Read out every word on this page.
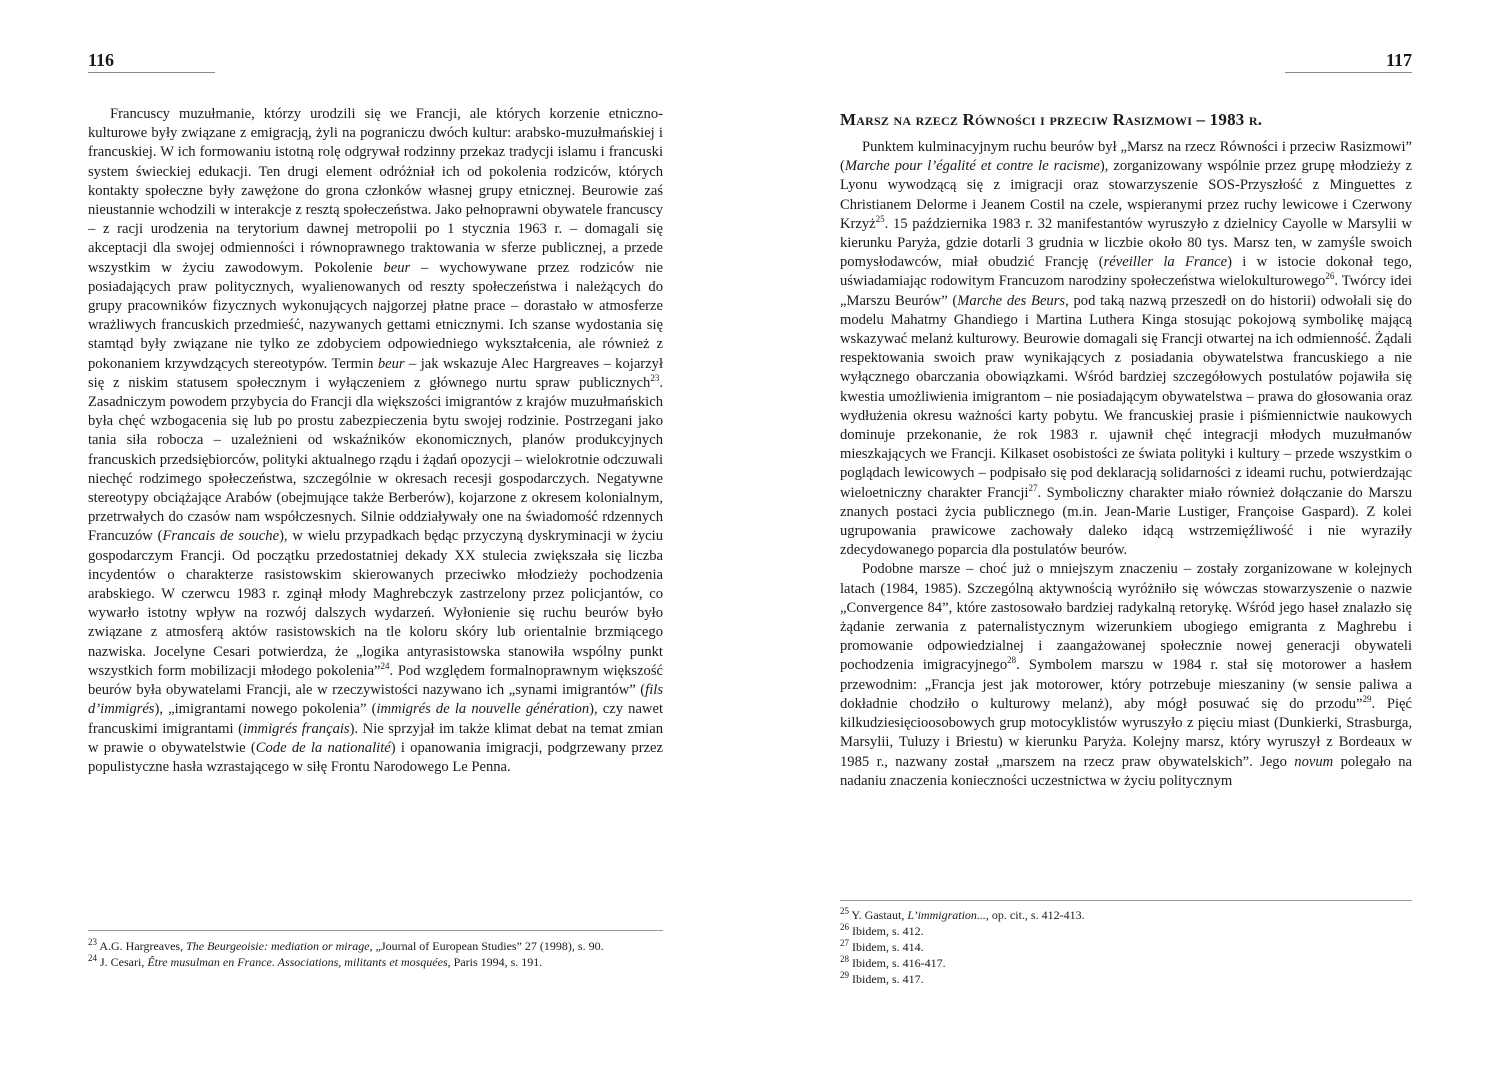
116

Francuscy muzułmanie, którzy urodzili się we Francji, ale których korzenie etniczno-kulturowe były związane z emigracją, żyli na pograniczu dwóch kultur: arabsko-muzułmańskiej i francuskiej. W ich formowaniu istotną rolę odgrywał rodzinny przekaz tradycji islamu i francuski system świeckiej edukacji. Ten drugi element odróżniał ich od pokolenia rodziców, których kontakty społeczne były zawężone do grona członków własnej grupy etnicznej. Beurowie zaś nieustannie wchodzili w interakcje z resztą społeczeństwa. Jako pełnoprawni obywatele francuscy – z racji urodzenia na terytorium dawnej metropolii po 1 stycznia 1963 r. – domagali się akceptacji dla swojej odmienności i równoprawnego traktowania w sferze publicznej, a przede wszystkim w życiu zawodowym. Pokolenie beur – wychowywane przez rodziców nie posiadających praw politycznych, wyalienowanych od reszty społeczeństwa i należących do grupy pracowników fizycznych wykonujących najgorzej płatne prace – dorastało w atmosferze wrażliwych francuskich przedmieść, nazywanych gettami etnicznymi. Ich szanse wydostania się stamtąd były związane nie tylko ze zdobyciem odpowiedniego wykształcenia, ale również z pokonaniem krzywdzących stereotypów. Termin beur – jak wskazuje Alec Hargreaves – kojarzył się z niskim statusem społecznym i wyłączeniem z głównego nurtu spraw publicznych$^{23}$. Zasadniczym powodem przybycia do Francji dla większości imigrantów z krajów muzułmańskich była chęć wzbogacenia się lub po prostu zabezpieczenia bytu swojej rodzinie. Postrzegani jako tania siła robocza – uzależnieni od wskaźników ekonomicznych, planów produkcyjnych francuskich przedsiębiorców, polityki aktualnego rządu i żądań opozycji – wielokrotnie odczuwali niechęć rodzimego społeczeństwa, szczególnie w okresach recesji gospodarczych. Negatywne stereotypy obciążające Arabów (obejmujące także Berberów), kojarzone z okresem kolonialnym, przetrwałych do czasów nam współczesnych. Silnie oddziaływały one na świadomość rdzennych Francuzów (Francais de souche), w wielu przypadkach będąc przyczyną dyskryminacji w życiu gospodarczym Francji. Od początku przedostatniej dekady XX stulecia zwiększała się liczba incydentów o charakterze rasistowskim skierowanych przeciwko młodzieży pochodzenia arabskiego. W czerwcu 1983 r. zginął młody Maghrebczyk zastrzelony przez policjantów, co wywarło istotny wpływ na rozwój dalszych wydarzeń. Wyłonienie się ruchu beurów było związane z atmosferą aktów rasistowskich na tle koloru skóry lub orientalnie brzmiącego nazwiska. Jocelyne Cesari potwierdza, że „logika antyrasistowska stanowiła wspólny punkt wszystkich form mobilizacji młodego pokolenia”$^{24}$. Pod względem formalnoprawnym większość beurów była obywatelami Francji, ale w rzeczywistości nazywano ich „synami imigrantów” (fils d’immigrés), „imigrantami nowego pokolenia” (immigrés de la nouvelle génération), czy nawet francuskimi imigrantami (immigrés français). Nie sprzyjał im także klimat debat na temat zmian w prawie o obywatelstwie (Code de la nationalité) i opanowania imigracji, podgrzewany przez populistyczne hasła wzrastającego w siłę Frontu Narodowego Le Penna.

$^{23}$ A.G. Hargreaves, The Beurgeoisie: mediation or mirage, „Journal of European Studies” 27 (1998), s. 90.

$^{24}$ J. Cesari, Être musulman en France. Associations, militants et mosquées, Paris 1994, s. 191.

117
Marsz na rzecz Równości i przeciw Rasizmowi – 1983 r.

Punktem kulminacyjnym ruchu beurów był „Marsz na rzecz Równości i przeciw Rasizmowi” (Marche pour l’égalité et contre le racisme), zorganizowany wspólnie przez grupę młodzieży z Lyonu wywodzącą się z imigracji oraz stowarzyszenie SOS-Przyszłość z Minguettes z Christianem Delorme i Jeanem Costil na czele, wspieranymi przez ruchy lewicowe i Czerwony Krzyż$^{25}$. 15 października 1983 r. 32 manifestantów wyruszyło z dzielnicy Cayolle w Marsylii w kierunku Paryża, gdzie dotarli 3 grudnia w liczbie około 80 tys. Marsz ten, w zamyśle swoich pomysłodawców, miał obudzić Francję (réveiller la France) i w istocie dokonał tego, uświadamiając rodowitym Francuzom narodziny społeczeństwa wielokulturowego$^{26}$. Twórcy idei „Marszu Beurów” (Marche des Beurs, pod taką nazwą przeszedł on do historii) odwołali się do modelu Mahatmy Ghandiego i Martina Luthera Kinga stosując pokojową symbolikę mającą wskazywać melanż kulturowy. Beurowie domagali się Francji otwartej na ich odmienność. Żądali respektowania swoich praw wynikających z posiadania obywatelstwa francuskiego a nie wyłącznego obarczania obowiązkami. Wśród bardziej szczegółowych postulatów pojawiła się kwestia umożliwienia imigrantom – nie posiadającym obywatelstwa – prawa do głosowania oraz wydłużenia okresu ważności karty pobytu. We francuskiej prasie i piśmiennictwie naukowych dominuje przekonanie, że rok 1983 r. ujawnił chęć integracji młodych muzułmanów mieszkających we Francji. Kilkaset osobistości ze świata polityki i kultury – przede wszystkim o poglądach lewicowych – podpisało się pod deklaracją solidarności z ideami ruchu, potwierdzając wieloetniczny charakter Francji$^{27}$. Symboliczny charakter miało również dołączanie do Marszu znanych postaci życia publicznego (m.in. Jean-Marie Lustiger, Françoise Gaspard). Z kolei ugrupowania prawicowe zachowały daleko idącą wstrzemięźliwość i nie wyraziły zdecydowanego poparcia dla postulatów beurów.

Podobne marsze – choć już o mniejszym znaczeniu – zostały zorganizowane w kolejnych latach (1984, 1985). Szczególną aktywnością wyróżniło się wówczas stowarzyszenie o nazwie „Convergence 84”, które zastosowało bardziej radykalną retorykę. Wśród jego haseł znalazło się żądanie zerwania z paternalistycznym wizerunkiem ubogiego emigranta z Maghrebu i promowanie odpowiedzialnej i zaangażowanej społecznie nowej generacji obywateli pochodzenia imigracyjnego$^{28}$. Symbolem marszu w 1984 r. stał się motorower a hasłem przewodnim: „Francja jest jak motorower, który potrzebuje mieszaniny (w sensie paliwa a dokładnie chodziło o kulturowy melanż), aby mógł posuwać się do przodu”$^{29}$. Pięć kilkudziesięcioosobowych grup motocyklistów wyruszyło z pięciu miast (Dunkierki, Strasburga, Marsylii, Tuluzy i Briestu) w kierunku Paryża. Kolejny marsz, który wyruszył z Bordeaux w 1985 r., nazwany został „marszem na rzecz praw obywatelskich”. Jego novum polegało na nadaniu znaczenia konieczności uczestnictwa w życiu politycznym

$^{25}$ Y. Gastaut, L’immigration..., op. cit., s. 412-413.

$^{26}$ Ibidem, s. 412.

$^{27}$ Ibidem, s. 414.

$^{28}$ Ibidem, s. 416-417.

$^{29}$ Ibidem, s. 417.
